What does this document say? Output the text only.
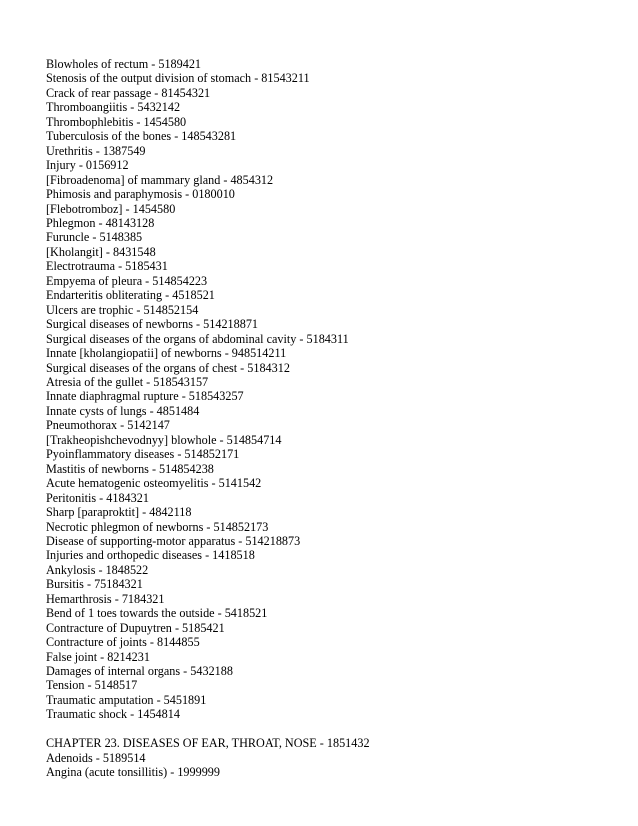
Blowholes of rectum - 5189421
Stenosis of the output division of stomach - 81543211
Crack of rear passage - 81454321
Thromboangiitis - 5432142
Thrombophlebitis - 1454580
Tuberculosis of the bones - 148543281
Urethritis - 1387549
Injury - 0156912
[Fibroadenoma] of mammary gland - 4854312
Phimosis and paraphymosis - 0180010
[Flebotromboz] - 1454580
Phlegmon - 48143128
Furuncle - 5148385
[Kholangit] - 8431548
Electrotrauma - 5185431
Empyema of pleura - 514854223
Endarteritis obliterating - 4518521
Ulcers are trophic - 514852154
Surgical diseases of newborns - 514218871
Surgical diseases of the organs of abdominal cavity - 5184311
Innate [kholangiopatii] of newborns - 948514211
Surgical diseases of the organs of chest - 5184312
Atresia of the gullet - 518543157
Innate diaphragmal rupture - 518543257
Innate cysts of lungs - 4851484
Pneumothorax - 5142147
[Trakheopishchevodnyy] blowhole - 514854714
Pyoinflammatory diseases - 514852171
Mastitis of newborns - 514854238
Acute hematogenic osteomyelitis - 5141542
Peritonitis - 4184321
Sharp [paraproktit] - 4842118
Necrotic phlegmon of newborns - 514852173
Disease of supporting-motor apparatus - 514218873
Injuries and orthopedic diseases - 1418518
Ankylosis - 1848522
Bursitis - 75184321
Hemarthrosis - 7184321
Bend of 1 toes towards the outside - 5418521
Contracture of Dupuytren - 5185421
Contracture of joints - 8144855
False joint - 8214231
Damages of internal organs - 5432188
Tension - 5148517
Traumatic amputation - 5451891
Traumatic shock - 1454814
CHAPTER 23. DISEASES OF EAR, THROAT, NOSE - 1851432
Adenoids - 5189514
Angina (acute tonsillitis) - 1999999
